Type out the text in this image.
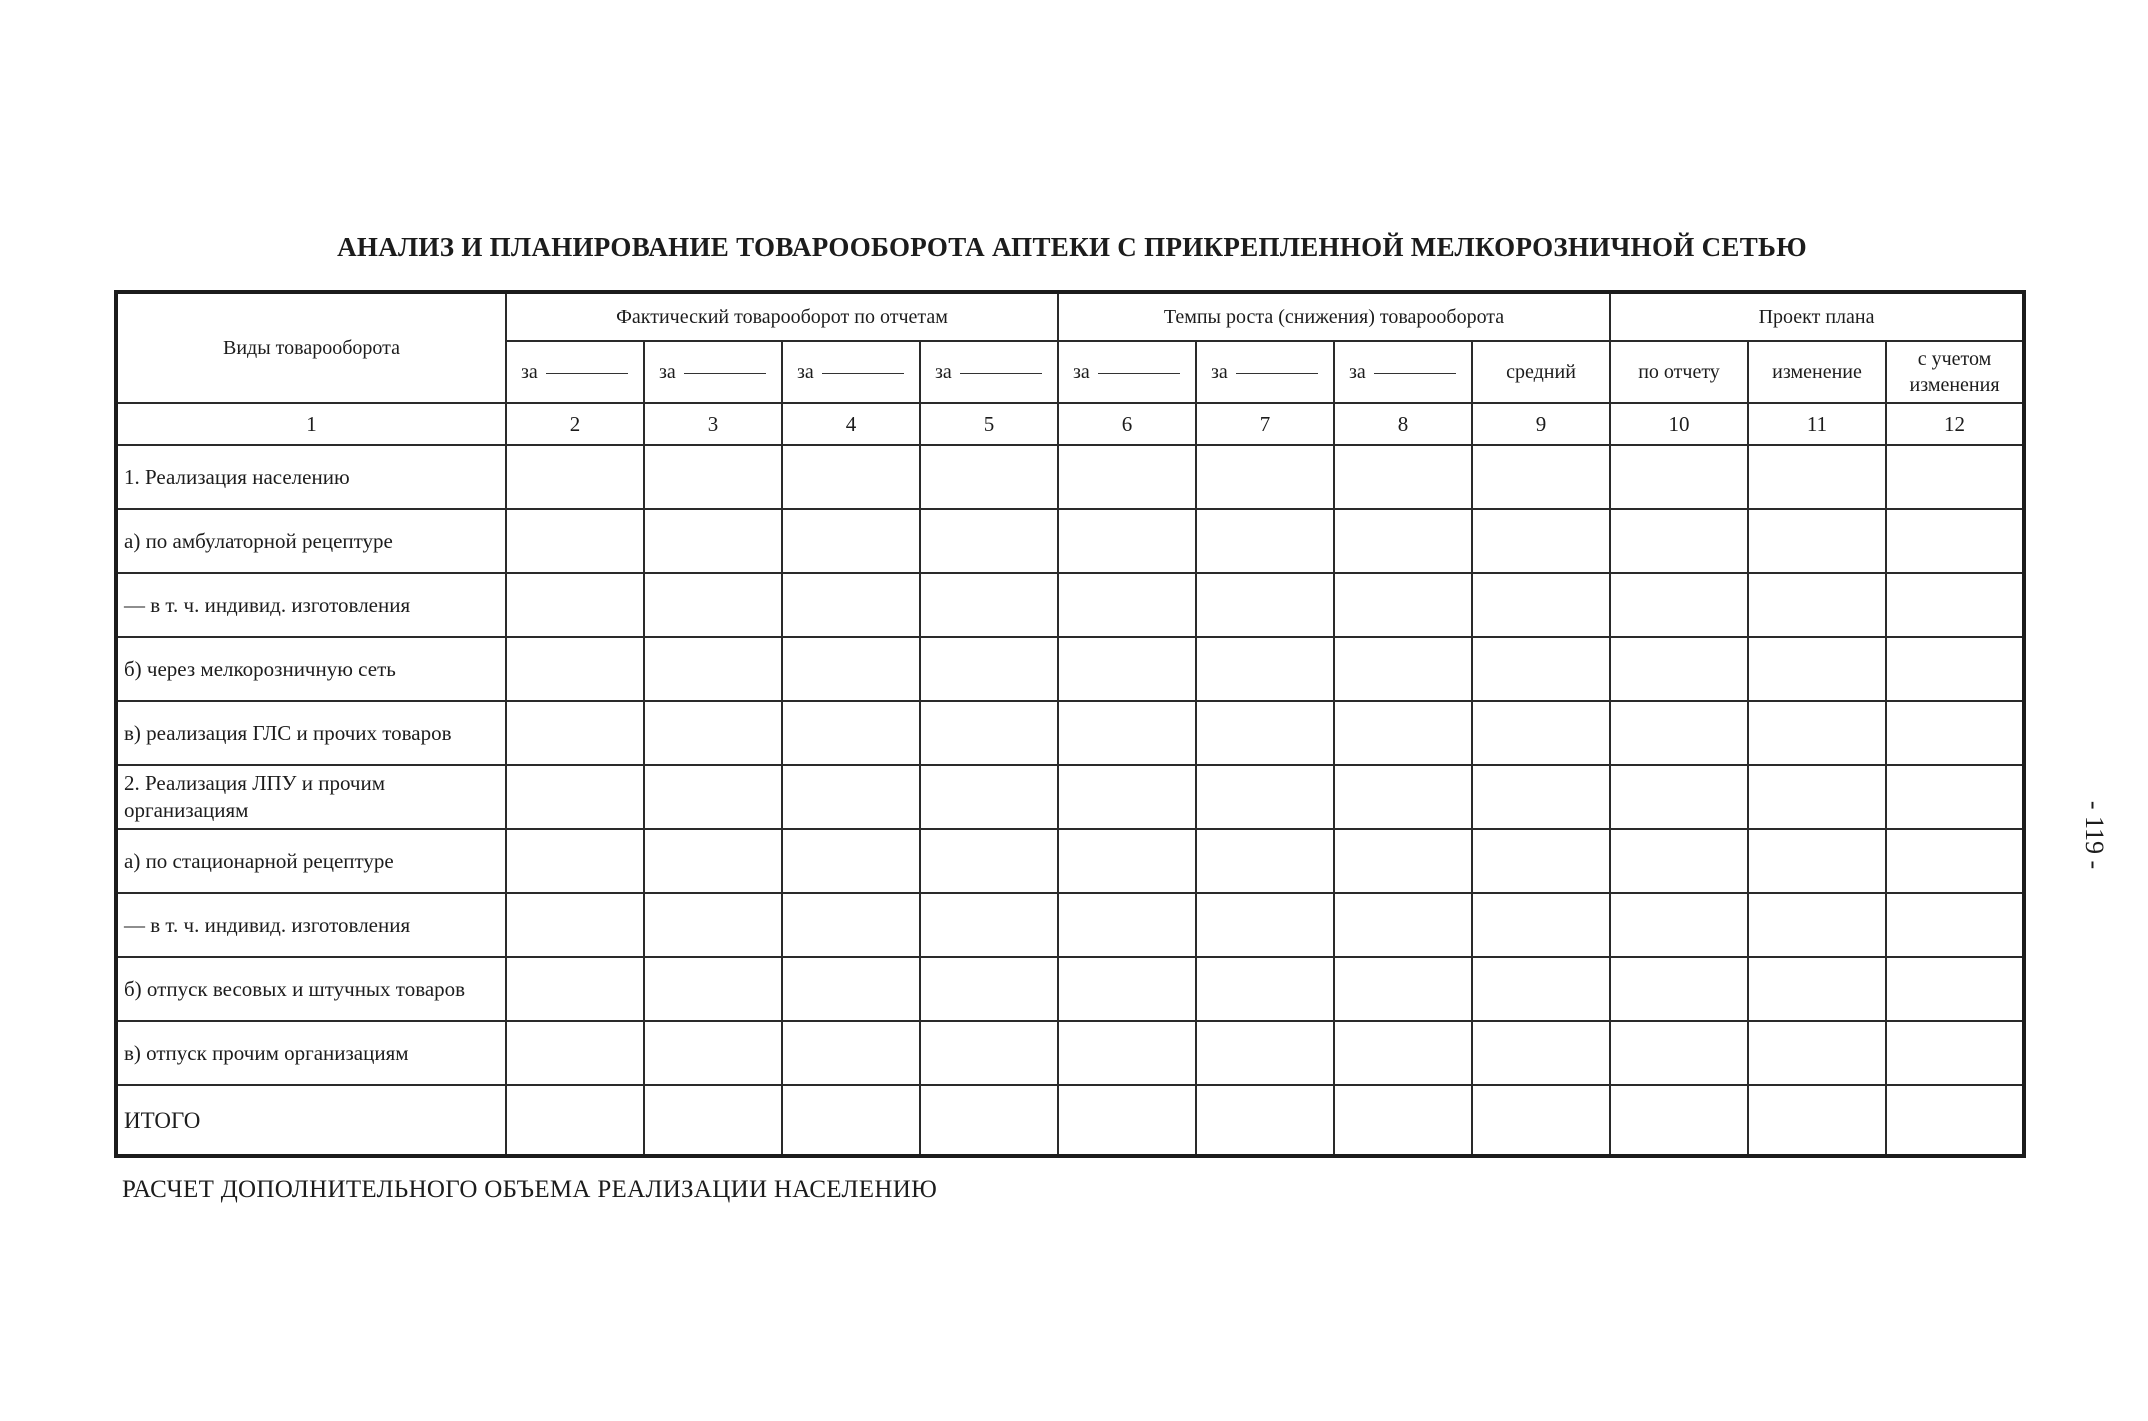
АНАЛИЗ И ПЛАНИРОВАНИЕ ТОВАРООБОРОТА АПТЕКИ С ПРИКРЕПЛЕННОЙ МЕЛКОРОЗНИЧНОЙ СЕТЬЮ
Виды товарооборота	Фактический товарооборот по отчетам				Темпы роста (снижения) товарооборота				Проект плана		
	за	за	за	за	за	за	за	средний	по отчету	изменение	с учетом изменения
1	2	3	4	5	6	7	8	9	10	11	12
1. Реализация населению											
а) по амбулаторной рецептуре											
— в т. ч. индивид. изготовления											
б) через мелкорозничную сеть											
в) реализация ГЛС и прочих товаров											
2. Реализация ЛПУ и прочим организациям											
а) по стационарной рецептуре											
— в т. ч. индивид. изготовления											
б) отпуск весовых и штучных товаров											
в) отпуск прочим организациям											
ИТОГО											
РАСЧЕТ ДОПОЛНИТЕЛЬНОГО ОБЪЕМА РЕАЛИЗАЦИИ НАСЕЛЕНИЮ
- 119 -
